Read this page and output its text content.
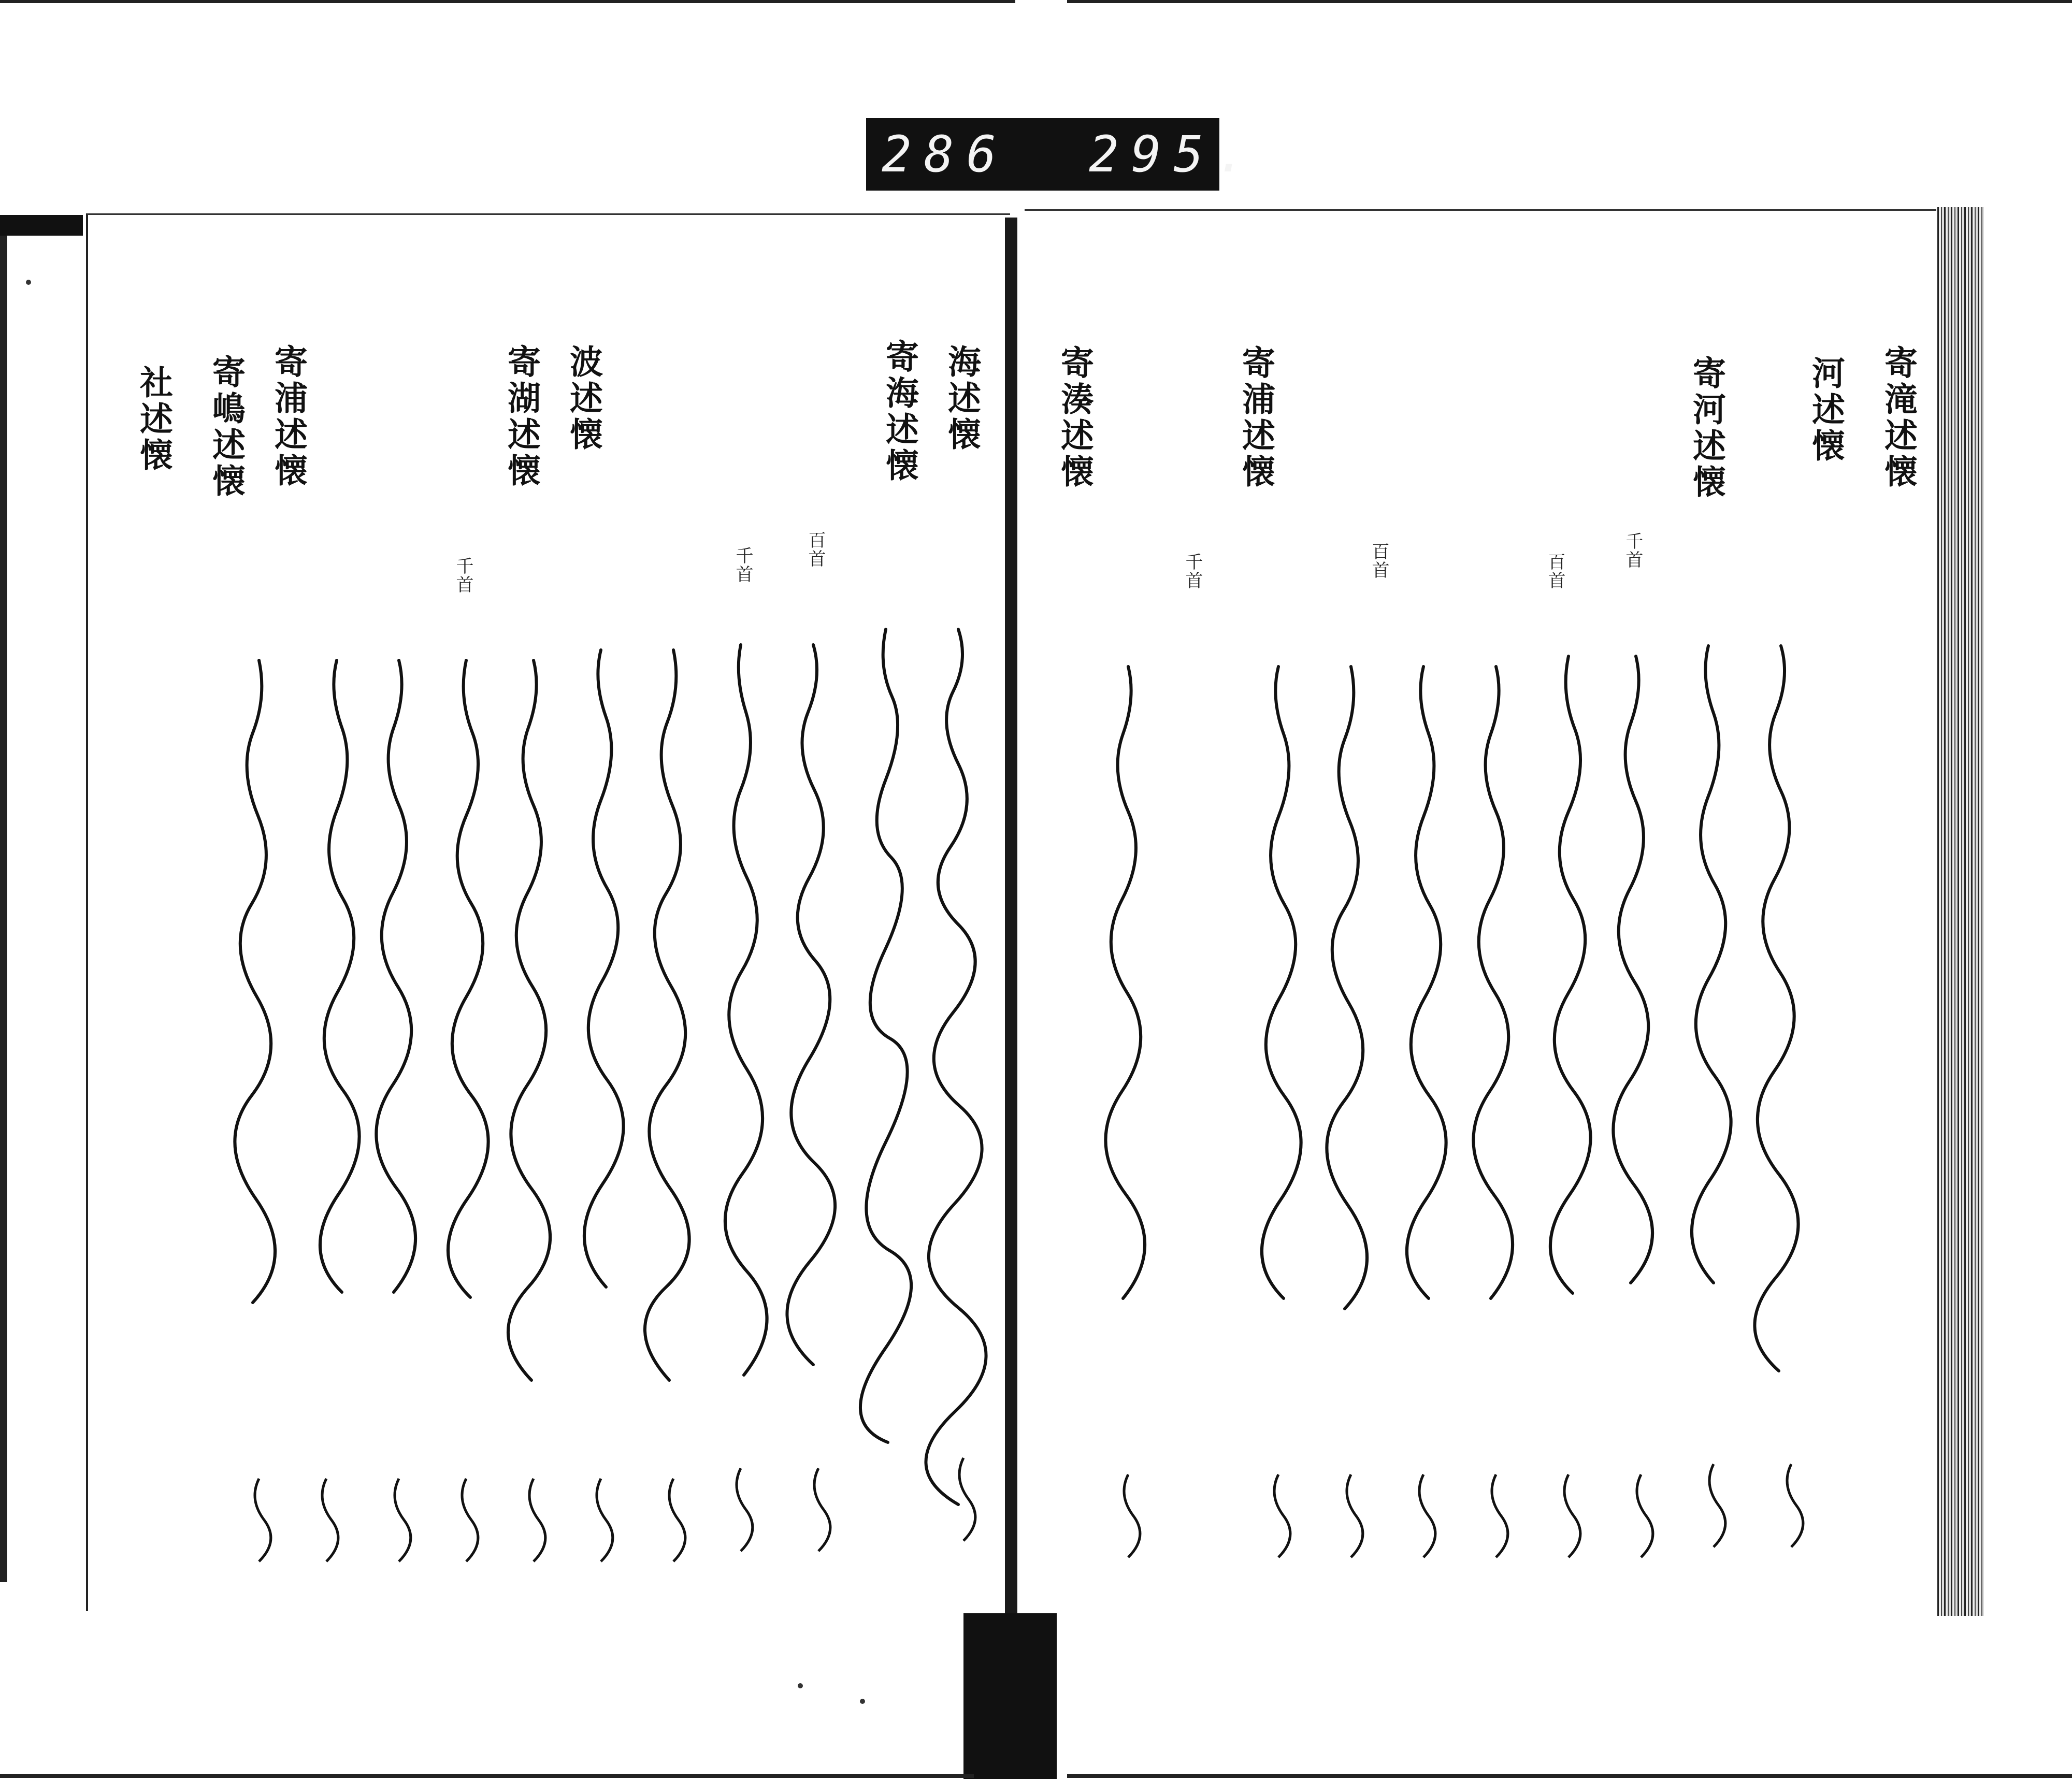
286 295.
海述懐
寄海述懐
波述懐
寄湖述懐
寄浦述懐
寄嶋述懐
社述懐
百首
千首
千首
寄滝述懐
河述懐
寄河述懐
寄浦述懐
寄湊述懐
百首
千首
百首
千首
